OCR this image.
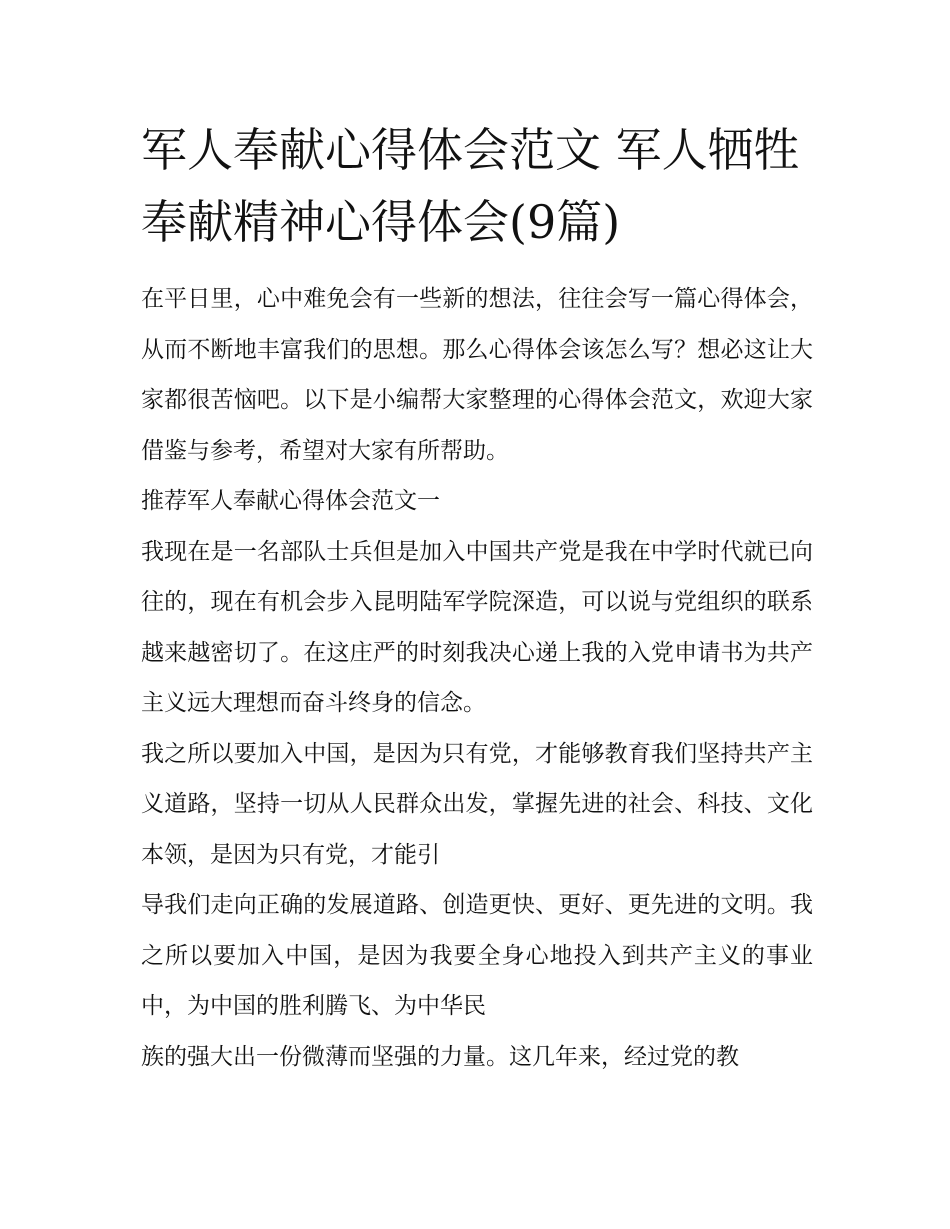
军人奉献心得体会范文 军人牺牲奉献精神心得体会(9篇)

在平日里，心中难免会有一些新的想法，往往会写一篇心得体会，从而不断地丰富我们的思想。那么心得体会该怎么写？想必这让大家都很苦恼吧。以下是小编帮大家整理的心得体会范文，欢迎大家借鉴与参考，希望对大家有所帮助。

推荐军人奉献心得体会范文一

我现在是一名部队士兵但是加入中国共产党是我在中学时代就已向往的，现在有机会步入昆明陆军学院深造，可以说与党组织的联系越来越密切了。在这庄严的时刻我决心递上我的入党申请书为共产主义远大理想而奋斗终身的信念。

我之所以要加入中国，是因为只有党，才能够教育我们坚持共产主义道路，坚持一切从人民群众出发，掌握先进的社会、科技、文化本领，是因为只有党，才能引

导我们走向正确的发展道路、创造更快、更好、更先进的文明。我之所以要加入中国，是因为我要全身心地投入到共产主义的事业中，为中国的胜利腾飞、为中华民

族的强大出一份微薄而坚强的力量。这几年来，经过党的教
